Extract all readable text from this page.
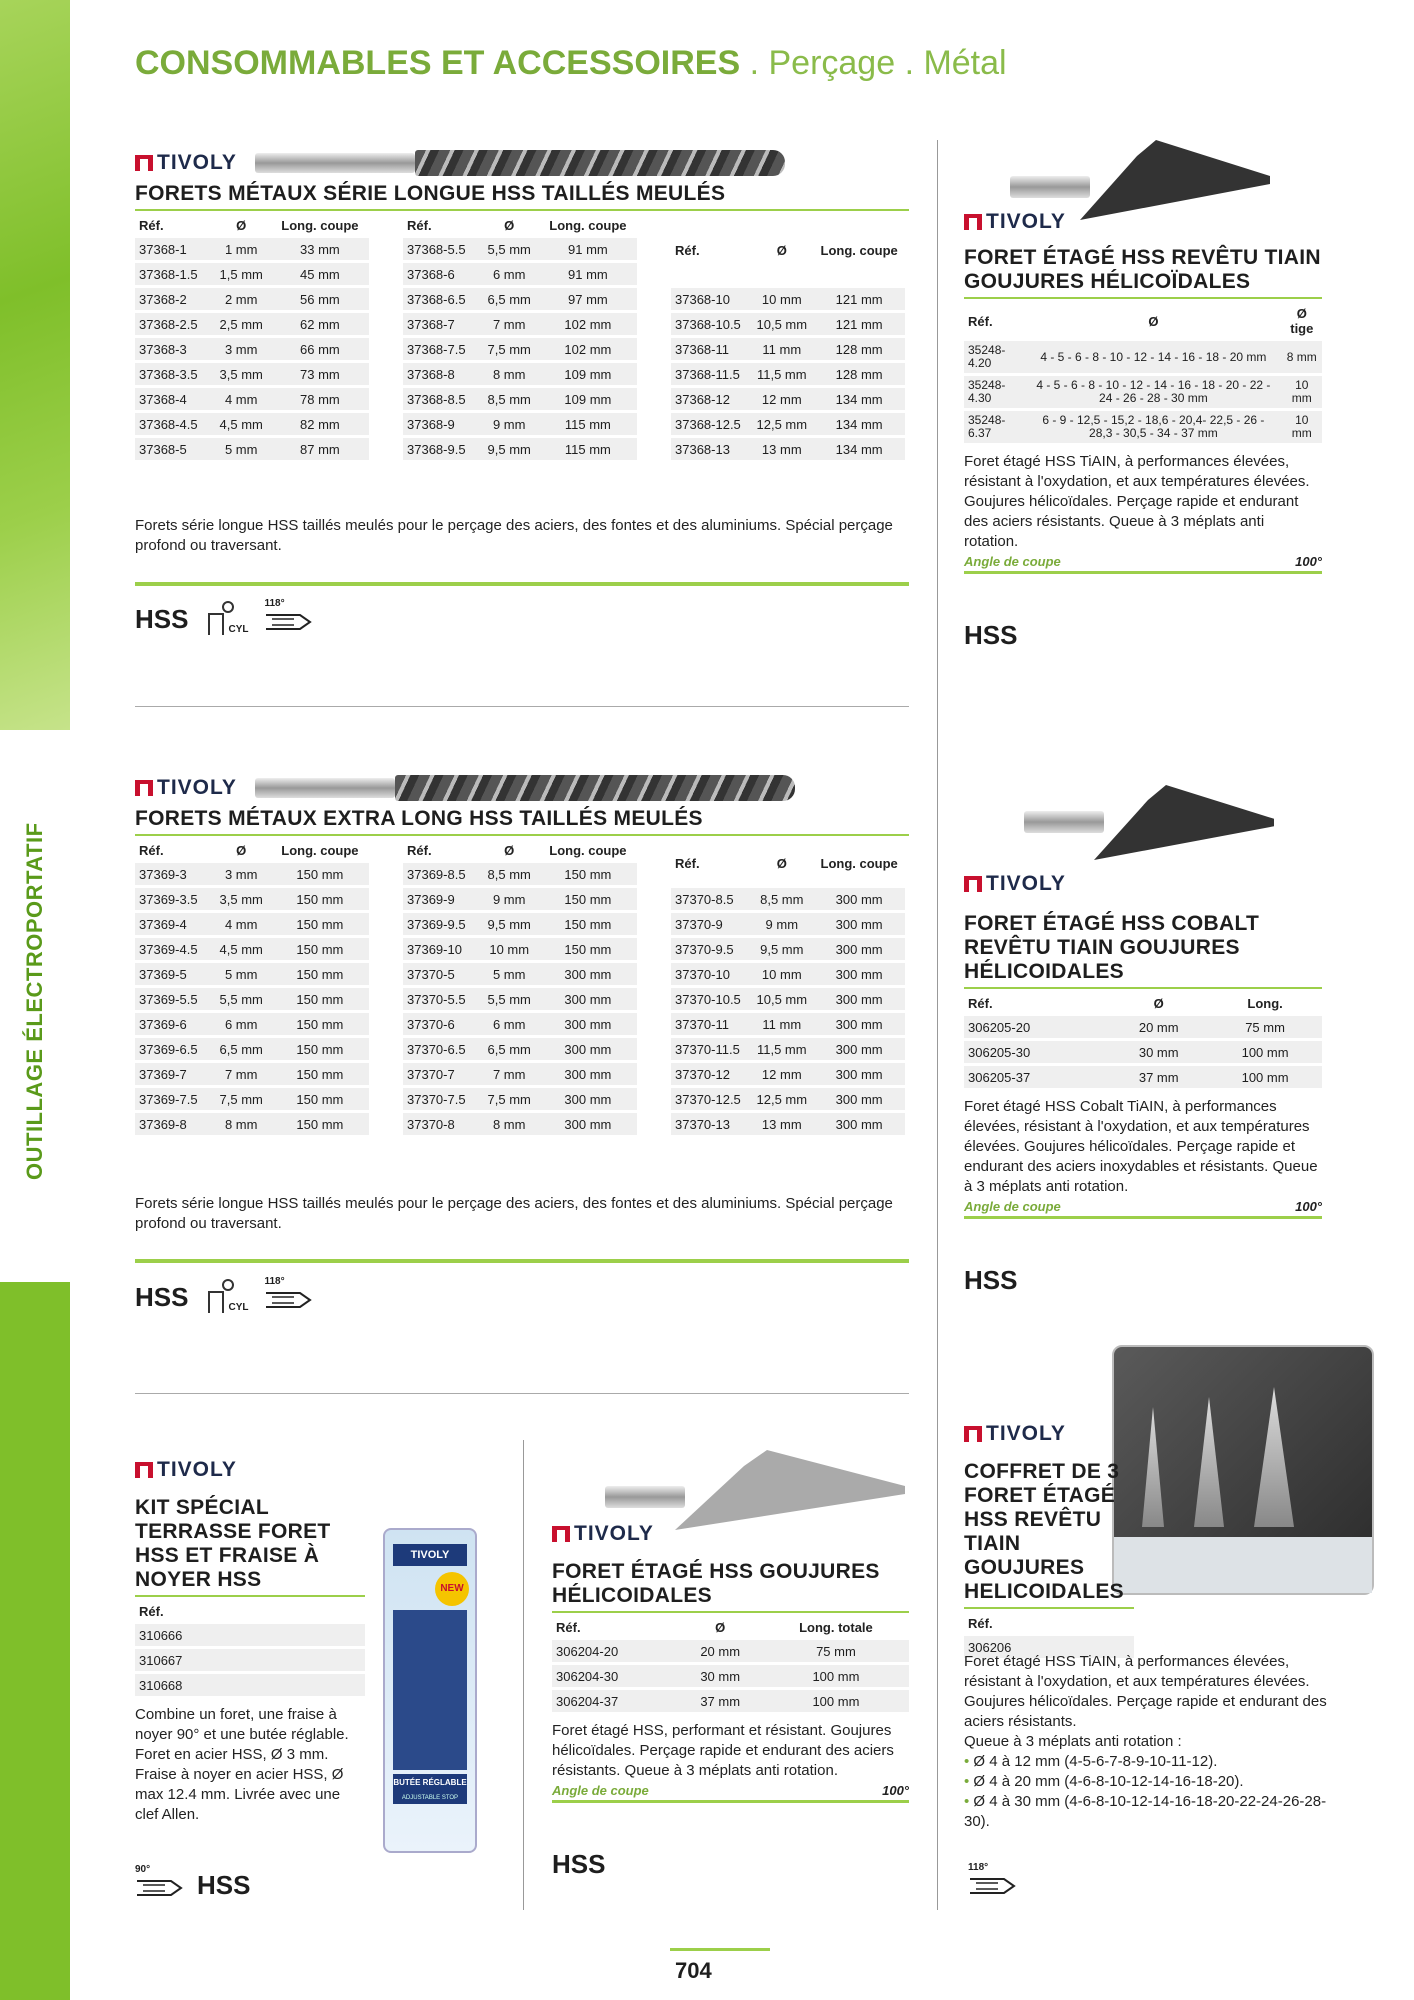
OUTILLAGE ÉLECTROPORTATIF
CONSOMMABLES ET ACCESSOIRES . Perçage . Métal
TIVOLY
FORETS MÉTAUX SÉRIE LONGUE HSS TAILLÉS MEULÉS
Réf.	Ø	Long. coupe
37368-1	1 mm	33 mm
37368-1.5	1,5 mm	45 mm
37368-2	2 mm	56 mm
37368-2.5	2,5 mm	62 mm
37368-3	3 mm	66 mm
37368-3.5	3,5 mm	73 mm
37368-4	4 mm	78 mm
37368-4.5	4,5 mm	82 mm
37368-5	5 mm	87 mm
Réf.	Ø	Long. coupe
37368-5.5	5,5 mm	91 mm
37368-6	6 mm	91 mm
37368-6.5	6,5 mm	97 mm
37368-7	7 mm	102 mm
37368-7.5	7,5 mm	102 mm
37368-8	8 mm	109 mm
37368-8.5	8,5 mm	109 mm
37368-9	9 mm	115 mm
37368-9.5	9,5 mm	115 mm
Réf.	Ø	Long. coupe
37368-10	10 mm	121 mm
37368-10.5	10,5 mm	121 mm
37368-11	11 mm	128 mm
37368-11.5	11,5 mm	128 mm
37368-12	12 mm	134 mm
37368-12.5	12,5 mm	134 mm
37368-13	13 mm	134 mm
Forets série longue HSS taillés meulés pour le perçage des aciers, des fontes et des aluminiums. Spécial perçage profond ou traversant.
HSS	CYL
118°
TIVOLY
FORET ÉTAGÉ HSS REVÊTU TIAIN GOUJURES HÉLICOÏDALES
Réf.	Ø	Ø tige
35248-4.20	4 - 5 - 6 - 8 - 10 - 12 - 14 - 16 - 18 - 20 mm	8 mm
35248-4.30	4 - 5 - 6 - 8 - 10 - 12 - 14 - 16 - 18 - 20 - 22 - 24 - 26 - 28 - 30 mm	10 mm
35248-6.37	6 - 9 - 12,5 - 15,2 - 18,6 - 20,4- 22,5 - 26 - 28,3 - 30,5 - 34 - 37 mm	10 mm
Foret étagé HSS TiAIN, à performances élevées, résistant à l'oxydation, et aux températures élevées. Goujures hélicoïdales. Perçage rapide et endurant des aciers résistants. Queue à 3 méplats anti rotation.
Angle de coupe	100°
HSS
TIVOLY
FORETS MÉTAUX EXTRA LONG HSS TAILLÉS MEULÉS
Réf.	Ø	Long. coupe
37369-3	3 mm	150 mm
37369-3.5	3,5 mm	150 mm
37369-4	4 mm	150 mm
37369-4.5	4,5 mm	150 mm
37369-5	5 mm	150 mm
37369-5.5	5,5 mm	150 mm
37369-6	6 mm	150 mm
37369-6.5	6,5 mm	150 mm
37369-7	7 mm	150 mm
37369-7.5	7,5 mm	150 mm
37369-8	8 mm	150 mm
Réf.	Ø	Long. coupe
37369-8.5	8,5 mm	150 mm
37369-9	9 mm	150 mm
37369-9.5	9,5 mm	150 mm
37369-10	10 mm	150 mm
37370-5	5 mm	300 mm
37370-5.5	5,5 mm	300 mm
37370-6	6 mm	300 mm
37370-6.5	6,5 mm	300 mm
37370-7	7 mm	300 mm
37370-7.5	7,5 mm	300 mm
37370-8	8 mm	300 mm
Réf.	Ø	Long. coupe
37370-8.5	8,5 mm	300 mm
37370-9	9 mm	300 mm
37370-9.5	9,5 mm	300 mm
37370-10	10 mm	300 mm
37370-10.5	10,5 mm	300 mm
37370-11	11 mm	300 mm
37370-11.5	11,5 mm	300 mm
37370-12	12 mm	300 mm
37370-12.5	12,5 mm	300 mm
37370-13	13 mm	300 mm
Forets série longue HSS taillés meulés pour le perçage des aciers, des fontes et des aluminiums. Spécial perçage profond ou traversant.
HSS	CYL
118°
TIVOLY
FORET ÉTAGÉ HSS COBALT REVÊTU TIAIN GOUJURES HÉLICOIDALES
Réf.	Ø	Long.
306205-20	20 mm	75 mm
306205-30	30 mm	100 mm
306205-37	37 mm	100 mm
Foret étagé HSS Cobalt TiAIN, à performances élevées, résistant à l'oxydation, et aux températures élevées. Goujures hélicoïdales. Perçage rapide et endurant des aciers inoxydables et résistants. Queue à 3 méplats anti rotation.
Angle de coupe	100°
HSS
TIVOLY
KIT SPÉCIAL TERRASSE FORET HSS ET FRAISE À NOYER HSS
Réf.
310666
310667
310668
Combine un foret, une fraise à noyer 90° et une butée réglable. Foret en acier HSS, Ø 3 mm. Fraise à noyer en acier HSS, Ø max 12.4 mm. Livrée avec une clef Allen.
TIVOLY
NEW
BUTÉE RÉGLABLE
ADJUSTABLE STOP
90°
HSS
TIVOLY
FORET ÉTAGÉ HSS GOUJURES HÉLICOIDALES
Réf.	Ø	Long. totale
306204-20	20 mm	75 mm
306204-30	30 mm	100 mm
306204-37	37 mm	100 mm
Foret étagé HSS, performant et résistant. Goujures hélicoïdales. Perçage rapide et endurant des aciers résistants. Queue à 3 méplats anti rotation.
Angle de coupe	100°
HSS
TIVOLY
COFFRET DE 3 FORET ÉTAGÉ HSS REVÊTU TIAIN GOUJURES HELICOIDALES
Réf.
306206
Foret étagé HSS TiAIN, à performances élevées, résistant à l'oxydation, et aux températures élevées. Goujures hélicoïdales. Perçage rapide et endurant des aciers résistants.
Queue à 3 méplats anti rotation :
• Ø 4 à 12 mm (4-5-6-7-8-9-10-11-12).
• Ø 4 à 20 mm (4-6-8-10-12-14-16-18-20).
• Ø 4 à 30 mm (4-6-8-10-12-14-16-18-20-22-24-26-28-30).
118°
704
